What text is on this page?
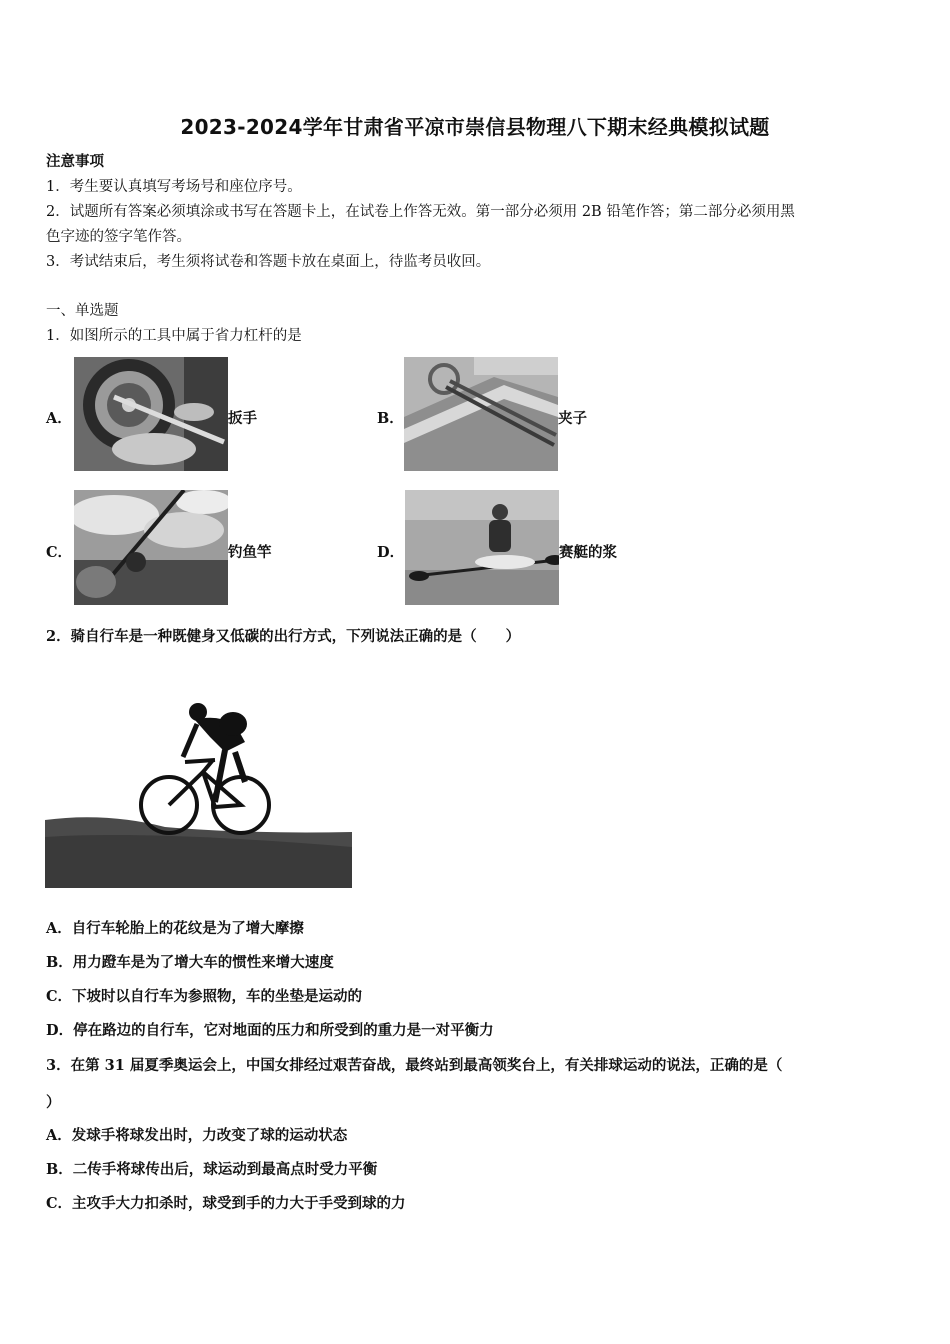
2023-2024学年甘肃省平凉市崇信县物理八下期末经典模拟试题
注意事项
1．考生要认真填写考场号和座位序号。
2．试题所有答案必须填涂或书写在答题卡上，在试卷上作答无效。第一部分必须用 2B 铅笔作答；第二部分必须用黑
色字迹的签字笔作答。
3．考试结束后，考生须将试卷和答题卡放在桌面上，待监考员收回。
一、单选题
1．如图所示的工具中属于省力杠杆的是
A．	扳手	B．	夹子
C．	钓鱼竿	D．	赛艇的浆
2．骑自行车是一种既健身又低碳的出行方式，下列说法正确的是（　　）
A．自行车轮胎上的花纹是为了增大摩擦
B．用力蹬车是为了增大车的惯性来增大速度
C．下坡时以自行车为参照物，车的坐垫是运动的
D．停在路边的自行车，它对地面的压力和所受到的重力是一对平衡力
3．在第 31 届夏季奥运会上，中国女排经过艰苦奋战，最终站到最高领奖台上，有关排球运动的说法，正确的是（
）
A．发球手将球发出时，力改变了球的运动状态
B．二传手将球传出后，球运动到最高点时受力平衡
C．主攻手大力扣杀时，球受到手的力大于手受到球的力
